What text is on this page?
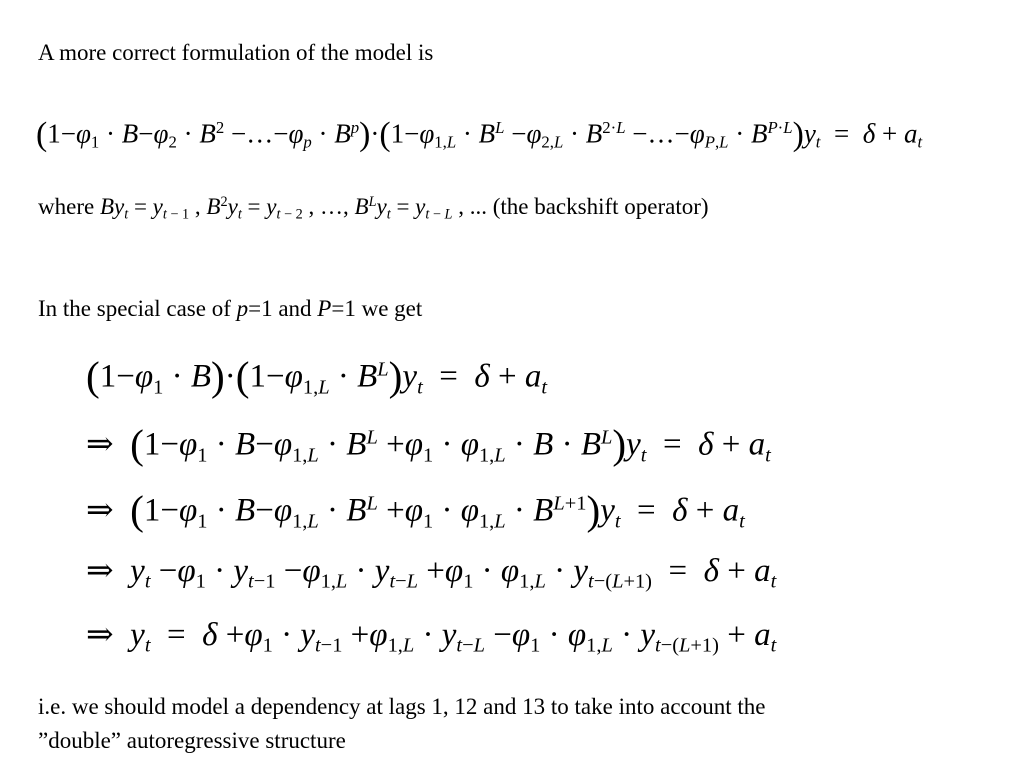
A more correct formulation of the model is
($1-\varphi 1 \cdot B-\varphi 2 \cdot B^2$ −…−φp · $B^p)\cdot(1-\varphi 1,L \cdot B^L -\varphi 2,L \cdot B^{2\cdot L}$ −…−φP,L · $B^{P\cdot L})yt = \delta$ + at
where Byt = yt − 1 , $B^2yt$ = yt − 2 , …, $B^Lyt$ = yt − L , ... (the backshift operator)
In the special case of p=1 and P=1 we get
$(1-\varphi 1 \cdot B)\cdot(1-\varphi 1,L \cdot B^L)yt = \delta$ + at
⇒  $(1-\varphi 1 \cdot B-\varphi 1,L \cdot B^L +\varphi 1 \cdot \varphi 1,L \cdot B \cdot B^L)yt = \delta$ + at
⇒  $(1-\varphi 1 \cdot B-\varphi 1,L \cdot B^L +\varphi 1 \cdot \varphi 1,L \cdot B^{L+1})yt = \delta$ + at
⇒  yt −φ1 · yt−1 −φ1,L · yt−L +φ1 · φ1,L · yt−(L+1)  =  δ + at
⇒  yt  =  δ +φ1 · yt−1 +φ1,L · yt−L −φ1 · φ1,L · yt−(L+1) + at
i.e. we should model a dependency at lags 1, 12 and 13 to take into account the
”double” autoregressive structure
